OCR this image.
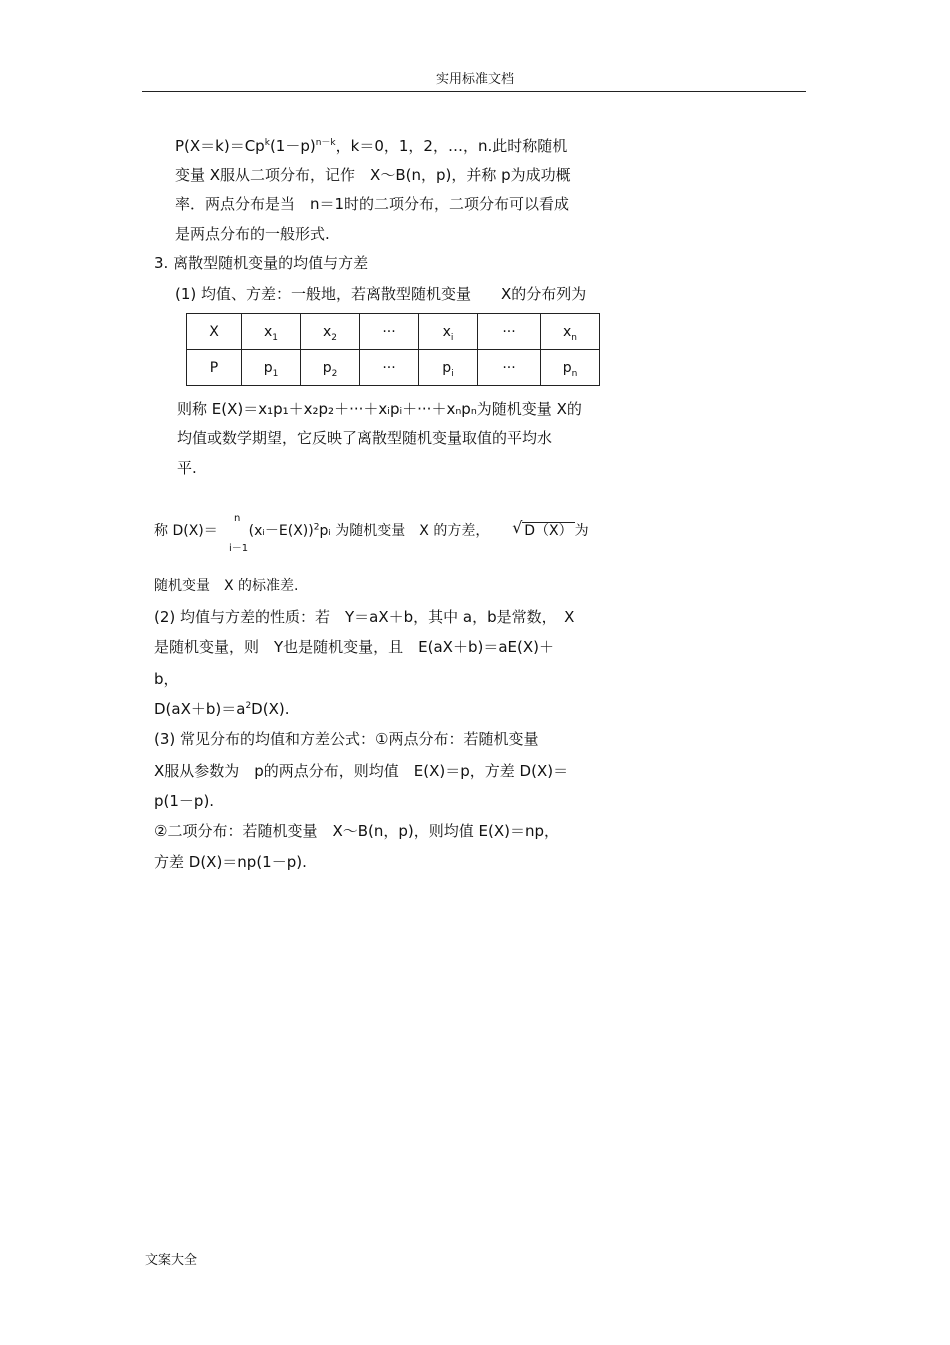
实用标准文档
$P(X=k)=Cp^k(1-p)^{n-k}$，k＝0，1，2，…，n.此时称随机
变量 X服从二项分布，记作　X～B(n，p)，并称 p为成功概
率．两点分布是当　n＝1时的二项分布，二项分布可以看成
是两点分布的一般形式.
3. 离散型随机变量的均值与方差
(1) 均值、方差：一般地，若离散型随机变量　　X的分布列为
X	$x_1$	$x_2$	···	$x_i$	···	$x_n$
P	$p_1$	$p_2$	···	$p_i$	···	$p_n$
则称 E(X)＝x₁p₁＋x₂p₂＋···＋xᵢpᵢ＋···＋xₙpₙ为随机变量 X的
均值或数学期望，它反映了离散型随机变量取值的平均水
平.
n
i－1
称 D(X)＝ (xᵢ－E(X))$^2$pᵢ 为随机变量　X 的方差， √ D（X） 为
随机变量　X 的标准差.
(2) 均值与方差的性质：若　Y＝aX＋b，其中 a，b是常数，　X
是随机变量，则　Y也是随机变量，且　E(aX＋b)＝aE(X)＋
b，
$D(aX+b)=a^2D(X)$.
(3) 常见分布的均值和方差公式：①两点分布：若随机变量
X服从参数为　p的两点分布，则均值　E(X)＝p，方差 D(X)＝
p(1－p).
②二项分布：若随机变量　X～B(n，p)，则均值 E(X)＝np，
方差 D(X)＝np(1－p).
文案大全
